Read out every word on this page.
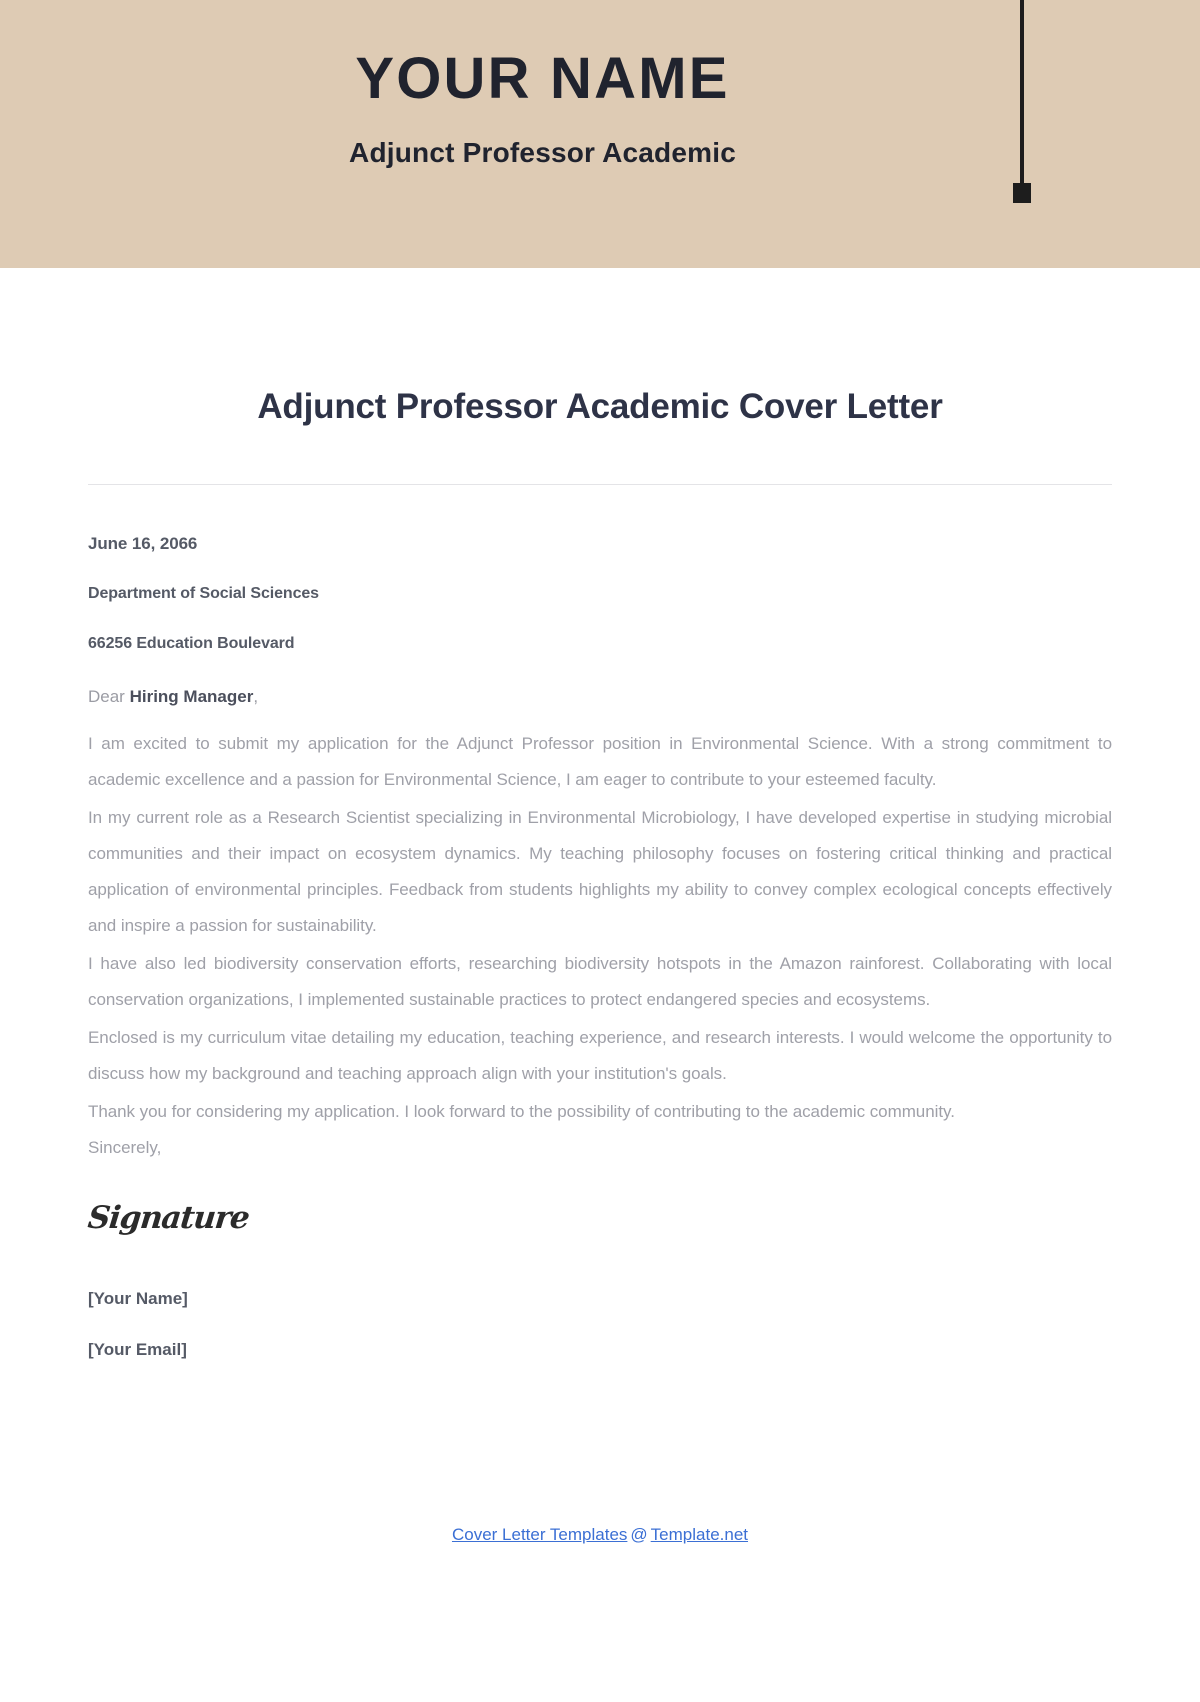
YOUR NAME
Adjunct Professor Academic
Adjunct Professor Academic Cover Letter
June 16, 2066
Department of Social Sciences
66256 Education Boulevard

Dear Hiring Manager,

I am excited to submit my application for the Adjunct Professor position in Environmental Science. With a strong commitment to academic excellence and a passion for Environmental Science, I am eager to contribute to your esteemed faculty.

In my current role as a Research Scientist specializing in Environmental Microbiology, I have developed expertise in studying microbial communities and their impact on ecosystem dynamics. My teaching philosophy focuses on fostering critical thinking and practical application of environmental principles. Feedback from students highlights my ability to convey complex ecological concepts effectively and inspire a passion for sustainability.

I have also led biodiversity conservation efforts, researching biodiversity hotspots in the Amazon rainforest. Collaborating with local conservation organizations, I implemented sustainable practices to protect endangered species and ecosystems.

Enclosed is my curriculum vitae detailing my education, teaching experience, and research interests. I would welcome the opportunity to discuss how my background and teaching approach align with your institution's goals.

Thank you for considering my application. I look forward to the possibility of contributing to the academic community.

Sincerely,

Signature
[Your Name]
[Your Email]
Cover Letter Templates @ Template.net
